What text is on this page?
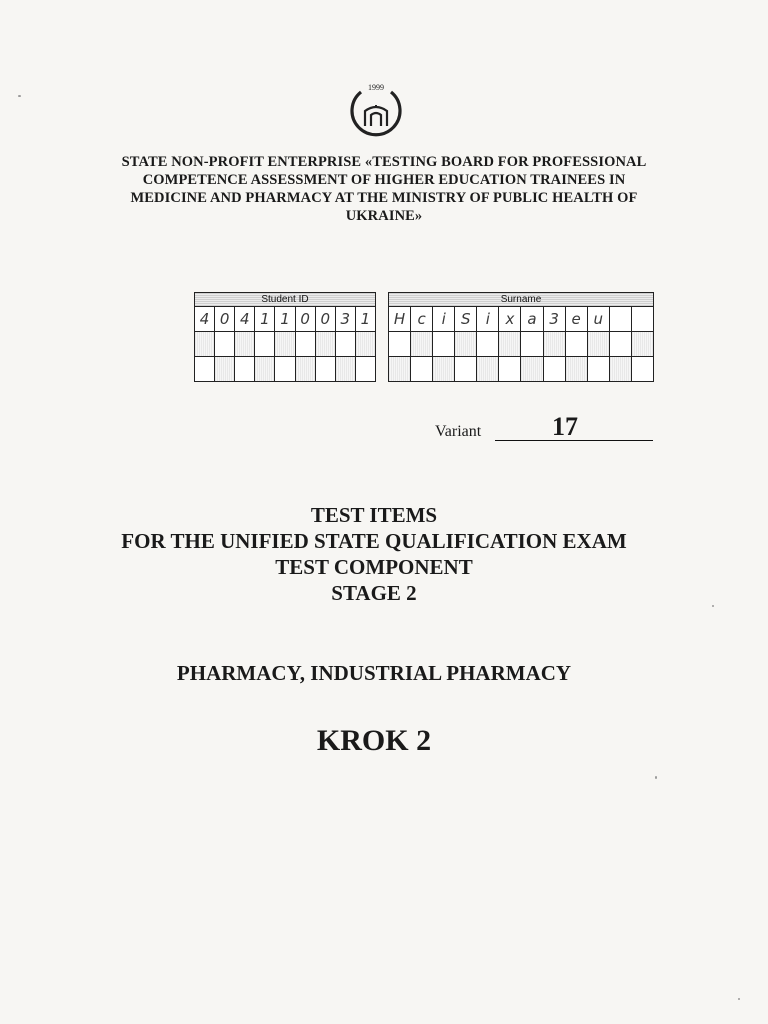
1999
STATE NON-PROFIT ENTERPRISE «TESTING BOARD FOR PROFESSIONAL
COMPETENCE ASSESSMENT OF HIGHER EDUCATION TRAINEES IN
MEDICINE AND PHARMACY AT THE MINISTRY OF PUBLIC HEALTH OF
UKRAINE»
Student ID
4 0 4 1 1 0 0 3 1
Surname
H c	i	S	i	x a 3 e u
Variant	17
TEST ITEMS
FOR THE UNIFIED STATE QUALIFICATION EXAM
TEST COMPONENT
STAGE 2
PHARMACY, INDUSTRIAL PHARMACY
KROK 2
